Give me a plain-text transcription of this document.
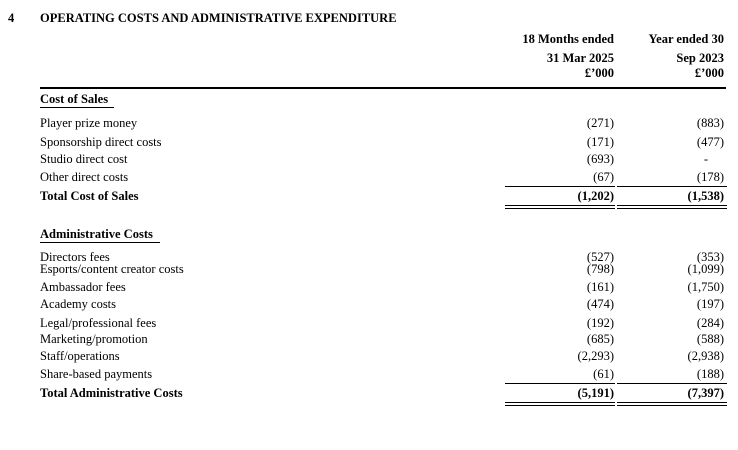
4 OPERATING COSTS AND ADMINISTRATIVE EXPENDITURE
18 Months ended
31 Mar 2025
£’000
Year ended 30
Sep 2023
£’000
Cost of Sales
Player prize money	(271)	(883)
Sponsorship direct costs	(171)	(477)
Studio direct cost	(693)	-
Other direct costs	(67)	(178)
Total Cost of Sales	(1,202)	(1,538)
Administrative Costs
Directors fees	(527)	(353)
Esports/content creator costs	(798)	(1,099)
Ambassador fees	(161)	(1,750)
Academy costs	(474)	(197)
Legal/professional fees	(192)	(284)
Marketing/promotion	(685)	(588)
Staff/operations	(2,293)	(2,938)
Share-based payments	(61)	(188)
Total Administrative Costs	(5,191)	(7,397)
